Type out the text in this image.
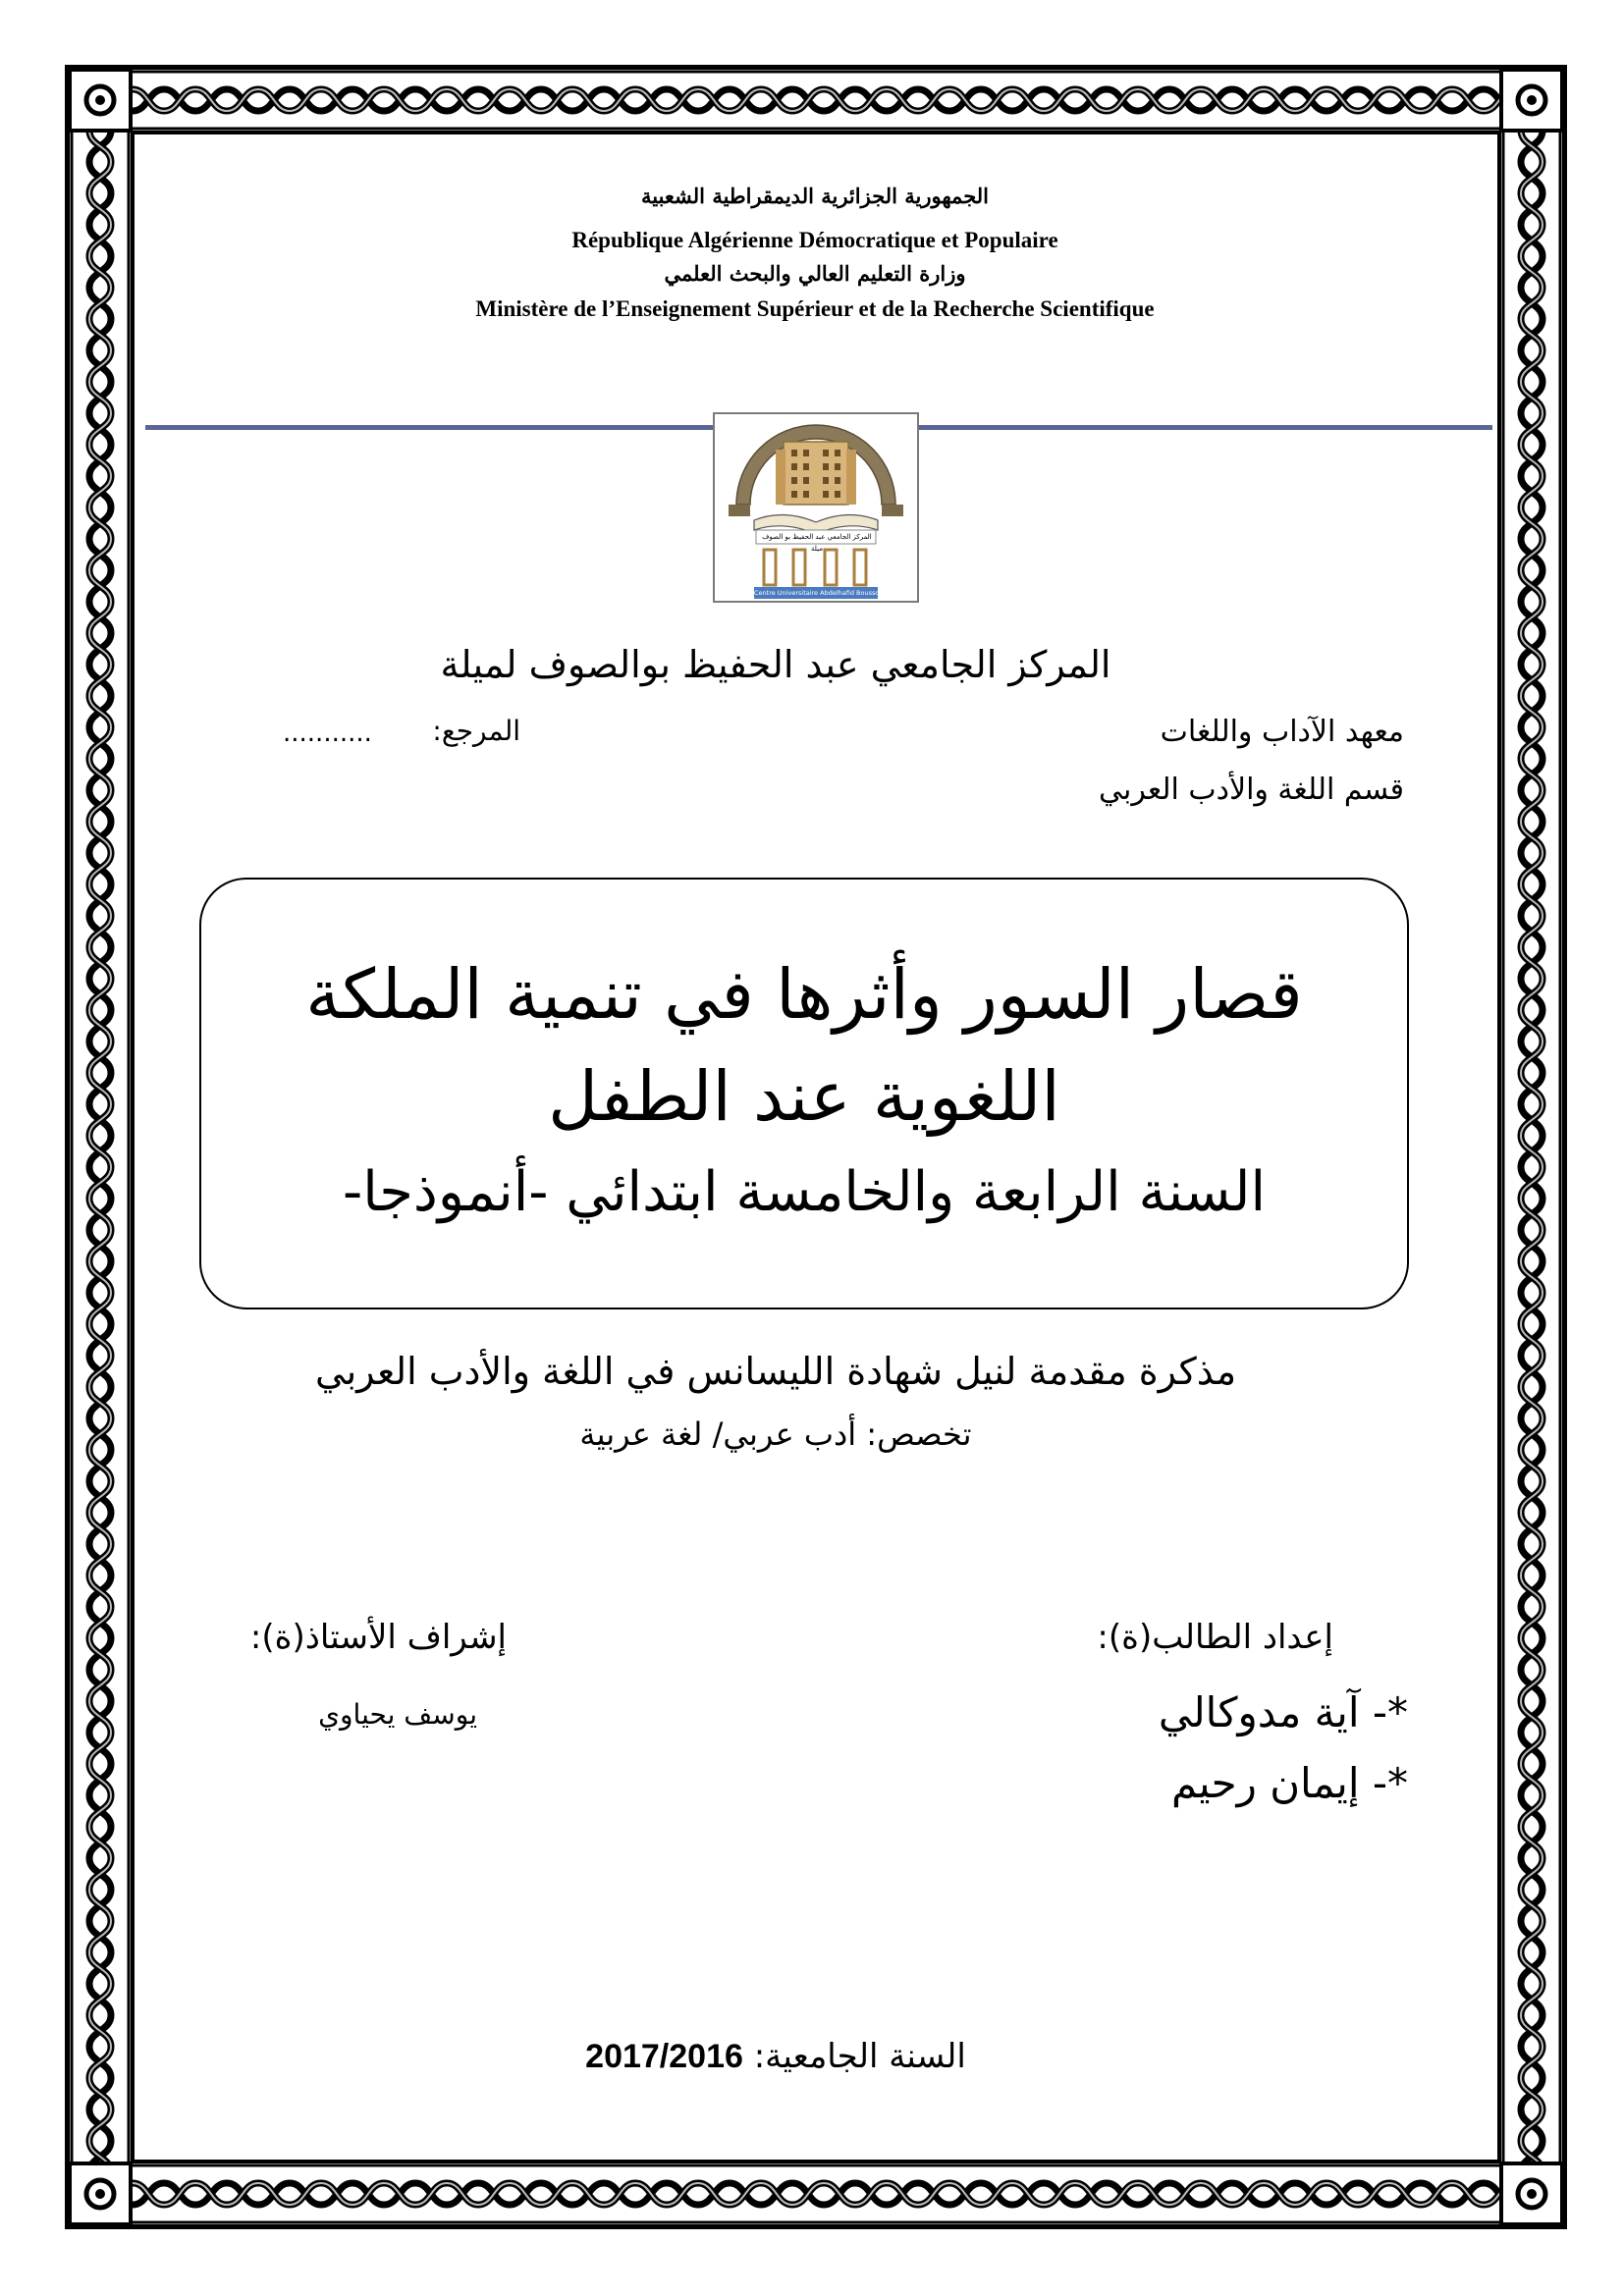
الجمهورية الجزائرية الديمقراطية الشعبية
République Algérienne Démocratique et Populaire
وزارة التعليم العالي والبحث العلمي
Ministère de l’Enseignement Supérieur et de la Recherche Scientifique
المركز الجامعي عبد الحفيظ بو الصوف ميلة
Centre Universitaire Abdelhafid Boussouf Mila
المركز الجامعي عبد الحفيظ بوالصوف لميلة
معهد الآداب واللغات
المرجع:
...........
قسم اللغة والأدب العربي
قصار السور وأثرها في تنمية الملكة
اللغوية عند الطفل
السنة الرابعة والخامسة ابتدائي -أنموذجا-
مذكرة مقدمة لنيل شهادة الليسانس في اللغة والأدب العربي
تخصص: أدب عربي/ لغة عربية
إعداد الطالب(ة):
*- آية مدوكالي
*- إيمان رحيم
إشراف الأستاذ(ة):
يوسف يحياوي
السنة الجامعية: 2017/2016
